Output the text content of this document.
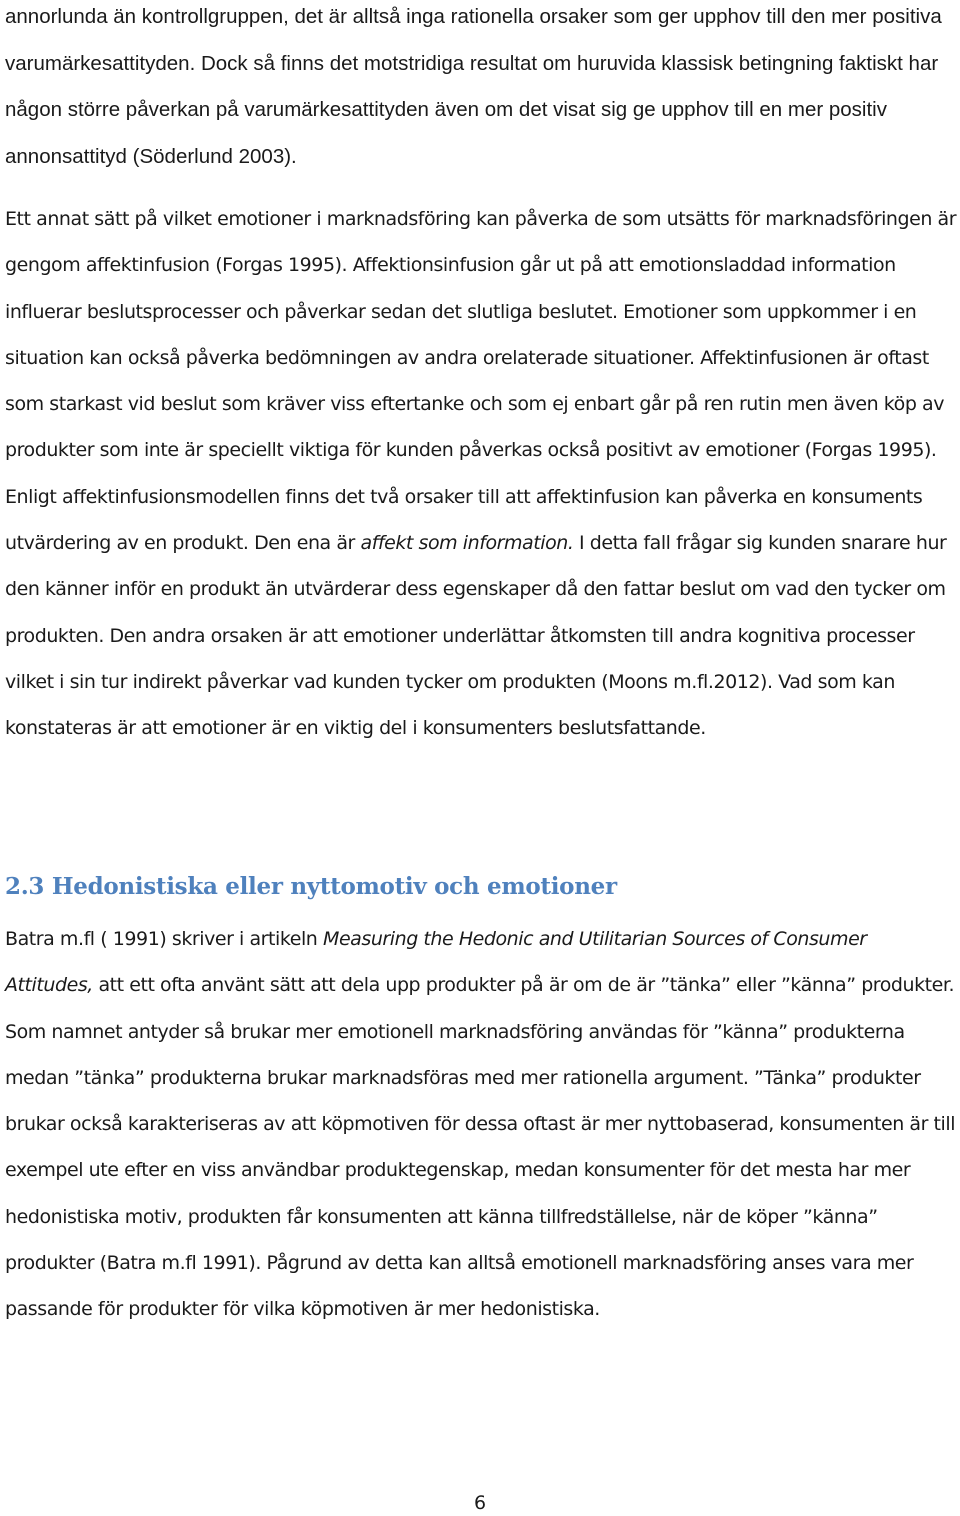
annorlunda än kontrollgruppen, det är alltså inga rationella orsaker som ger upphov till den mer positiva varumärkesattityden. Dock så finns det motstridiga resultat om huruvida klassisk betingning faktiskt har någon större påverkan på varumärkesattityden även om det visat sig ge upphov till en mer positiv annonsattityd (Söderlund 2003).

Ett annat sätt på vilket emotioner i marknadsföring kan påverka de som utsätts för marknadsföringen är gengom affektinfusion (Forgas 1995). Affektionsinfusion går ut på att emotionsladdad information influerar beslutsprocesser och påverkar sedan det slutliga beslutet. Emotioner som uppkommer i en situation kan också påverka bedömningen av andra orelaterade situationer. Affektinfusionen är oftast som starkast vid beslut som kräver viss eftertanke och som ej enbart går på ren rutin men även köp av produkter som inte är speciellt viktiga för kunden påverkas också positivt av emotioner (Forgas 1995). Enligt affektinfusionsmodellen finns det två orsaker till att affektinfusion kan påverka en konsuments utvärdering av en produkt. Den ena är affekt som information. I detta fall frågar sig kunden snarare hur den känner inför en produkt än utvärderar dess egenskaper då den fattar beslut om vad den tycker om produkten. Den andra orsaken är att emotioner underlättar åtkomsten till andra kognitiva processer vilket i sin tur indirekt påverkar vad kunden tycker om produkten (Moons m.fl.2012). Vad som kan konstateras är att emotioner är en viktig del i konsumenters beslutsfattande.

2.3 Hedonistiska eller nyttomotiv och emotioner

Batra m.fl ( 1991) skriver i artikeln Measuring the Hedonic and Utilitarian Sources of Consumer Attitudes, att ett ofta använt sätt att dela upp produkter på är om de är ”tänka” eller ”känna” produkter. Som namnet antyder så brukar mer emotionell marknadsföring användas för ”känna” produkterna medan ”tänka” produkterna brukar marknadsföras med mer rationella argument. ”Tänka” produkter brukar också karakteriseras av att köpmotiven för dessa oftast är mer nyttobaserad, konsumenten är till exempel ute efter en viss användbar produktegenskap, medan konsumenter för det mesta har mer hedonistiska motiv, produkten får konsumenten att känna tillfredställelse, när de köper ”känna” produkter (Batra m.fl 1991). Pågrund av detta kan alltså emotionell marknadsföring anses vara mer passande för produkter för vilka köpmotiven är mer hedonistiska.

6
